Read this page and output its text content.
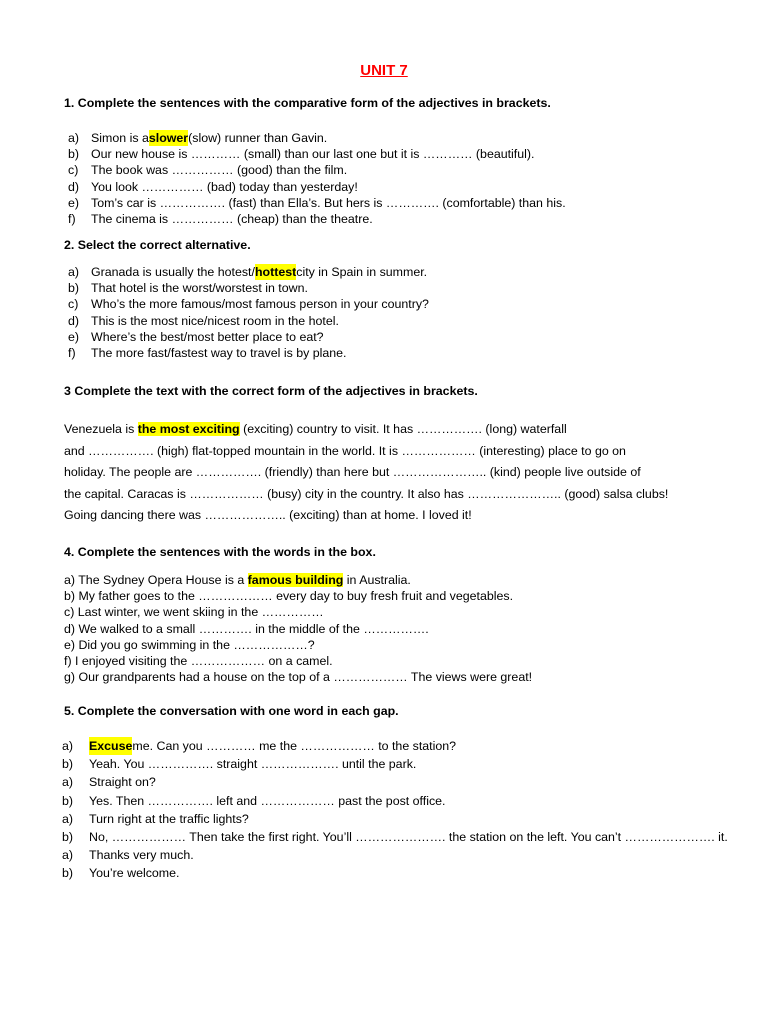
UNIT 7
1. Complete the sentences with the comparative form of the adjectives in brackets.
a) Simon is a slower (slow) runner than Gavin.
b) Our new house is ………… (small) than our last one but it is ………… (beautiful).
c)	The book was …………… (good) than the film.
d) You look …………… (bad) today than yesterday!
e) Tom’s car is ……………. (fast) than Ella’s. But hers is …………. (comfortable) than his.
f)	The cinema is …………… (cheap) than the theatre.
2. Select the correct alternative.
a) Granada is usually the hotest/ hottest city in Spain in summer.
b) That hotel is the worst/worstest in town.
c)	Who’s the more famous/most famous person in your country?
d) This is the most nice/nicest room in the hotel.
e) Where’s the best/most better place to eat?
f)	The more fast/fastest way to travel is by plane.
3 Complete the text with the correct form of the adjectives in brackets.
Venezuela is the most exciting (exciting) country to visit. It has ……………. (long) waterfall
and ……………. (high) flat-topped mountain in the world. It is ……………… (interesting) place to go on
holiday. The people are ……………. (friendly) than here but ………………….. (kind) people live outside of
the capital. Caracas is ……………… (busy) city in the country. It also has ………………….. (good) salsa clubs!
Going dancing there was ……………….. (exciting) than at home. I loved it!
4. Complete the sentences with the words in the box.
a) The Sydney Opera House is a famous building in Australia.
b) My father goes to the ……………… every day to buy fresh fruit and vegetables.
c) Last winter, we went skiing in the ……………
d) We walked to a small …………. in the middle of the …………….
e) Did you go swimming in the ………………?
f) I enjoyed visiting the ……………… on a camel.
g) Our grandparents had a house on the top of a ……………… The views were great!
5. Complete the conversation with one word in each gap.
a)	Excuse me. Can you ………… me the ……………… to the station?
b)	Yeah. You ……………. straight ………………. until the park.
a)	Straight on?
b)	Yes. Then ……………. left and ……………… past the post office.
a)	Turn right at the traffic lights?
b)	No, ……………… Then take the first right. You’ll …………………. the station on the left. You can’t …………………. it.
a)	Thanks very much.
b)	You’re welcome.
